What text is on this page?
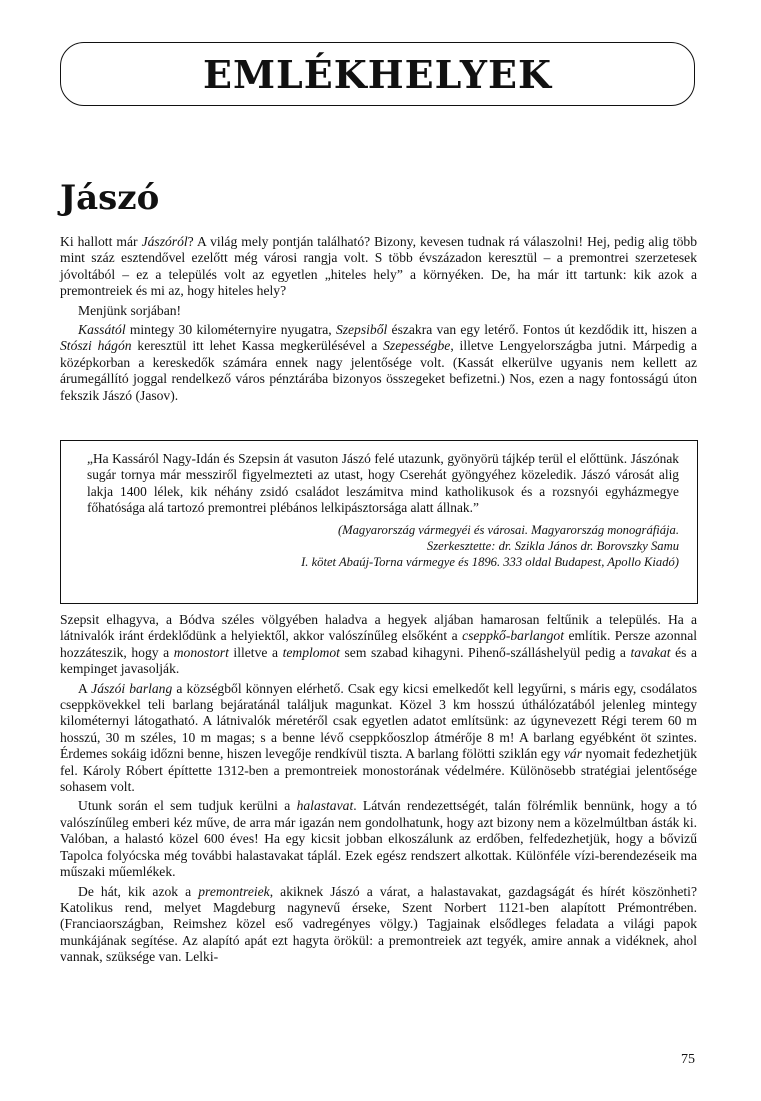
EMLÉKHELYEK
Jászó

Ki hallott már Jászóról? A világ mely pontján található? Bizony, kevesen tudnak rá válaszolni! Hej, pedig alig több mint száz esztendővel ezelőtt még városi rangja volt. S több évszázadon keresztül – a premontrei szerzetesek jóvoltából – ez a település volt az egyetlen „hiteles hely” a környéken. De, ha már itt tartunk: kik azok a premontreiek és mi az, hogy hiteles hely?

Menjünk sorjában!

Kassától mintegy 30 kilométernyire nyugatra, Szepsiből északra van egy letérő. Fontos út kezdődik itt, hiszen a Stószi hágón keresztül itt lehet Kassa megkerülésével a Szepességbe, illetve Lengyelországba jutni. Márpedig a középkorban a kereskedők számára ennek nagy jelentősége volt. (Kassát elkerülve ugyanis nem kellett az árumegállító joggal rendelkező város pénztárába bizonyos összegeket befizetni.) Nos, ezen a nagy fontosságú úton fekszik Jászó (Jasov).

„Ha Kassáról Nagy-Idán és Szepsin át vasuton Jászó felé utazunk, gyönyörü tájkép terül el előttünk. Jászónak sugár tornya már messziről figyelmezteti az utast, hogy Cserehát gyöngyéhez közeledik. Jászó városát alig lakja 1400 lélek, kik néhány zsidó családot leszámitva mind katholikusok és a rozsnyói egyházmegye főhatósága alá tartozó premontrei plébános lelkipásztorsága alatt állnak.”

(Magyarország vármegyéi és városai. Magyarország monográfiája.
Szerkesztette: dr. Szikla János dr. Borovszky Samu
I. kötet Abaúj-Torna vármegye és 1896. 333 oldal Budapest, Apollo Kiadó)

Szepsit elhagyva, a Bódva széles völgyében haladva a hegyek aljában hamarosan feltűnik a település. Ha a látnivalók iránt érdeklődünk a helyiektől, akkor valószínűleg elsőként a cseppkő-barlangot említik. Persze azonnal hozzáteszik, hogy a monostort illetve a templomot sem szabad kihagyni. Pihenő-szálláshelyül pedig a tavakat és a kempinget javasolják.

A Jászói barlang a községből könnyen elérhető. Csak egy kicsi emelkedőt kell legyűrni, s máris egy, csodálatos cseppkövekkel teli barlang bejáratánál találjuk magunkat. Közel 3 km hosszú úthálózatából jelenleg mintegy kilométernyi látogatható. A látnivalók méretéről csak egyetlen adatot említsünk: az úgynevezett Régi terem 60 m hosszú, 30 m széles, 10 m magas; s a benne lévő cseppkőoszlop átmérője 8 m! A barlang egyébként öt szintes. Érdemes sokáig időzni benne, hiszen levegője rendkívül tiszta. A barlang fölötti sziklán egy vár nyomait fedezhetjük fel. Károly Róbert építtette 1312-ben a premontreiek monostorának védelmére. Különösebb stratégiai jelentősége sohasem volt.

Utunk során el sem tudjuk kerülni a halastavat. Látván rendezettségét, talán fölrémlik bennünk, hogy a tó valószínűleg emberi kéz műve, de arra már igazán nem gondolhatunk, hogy azt bizony nem a közelmúltban ásták ki. Valóban, a halastó közel 600 éves! Ha egy kicsit jobban elkoszálunk az erdőben, felfedezhetjük, hogy a bővizű Tapolca folyócska még további halastavakat táplál. Ezek egész rendszert alkottak. Különféle vízi-berendezéseik ma műszaki műemlékek.

De hát, kik azok a premontreiek, akiknek Jászó a várat, a halastavakat, gazdagságát és hírét köszönheti? Katolikus rend, melyet Magdeburg nagynevű érseke, Szent Norbert 1121-ben alapított Prémontrében. (Franciaországban, Reimshez közel eső vadregényes völgy.) Tagjainak elsődleges feladata a világi papok munkájának segítése. Az alapító apát ezt hagyta örökül: a premontreiek azt tegyék, amire annak a vidéknek, ahol vannak, szüksége van. Lelki-

75
